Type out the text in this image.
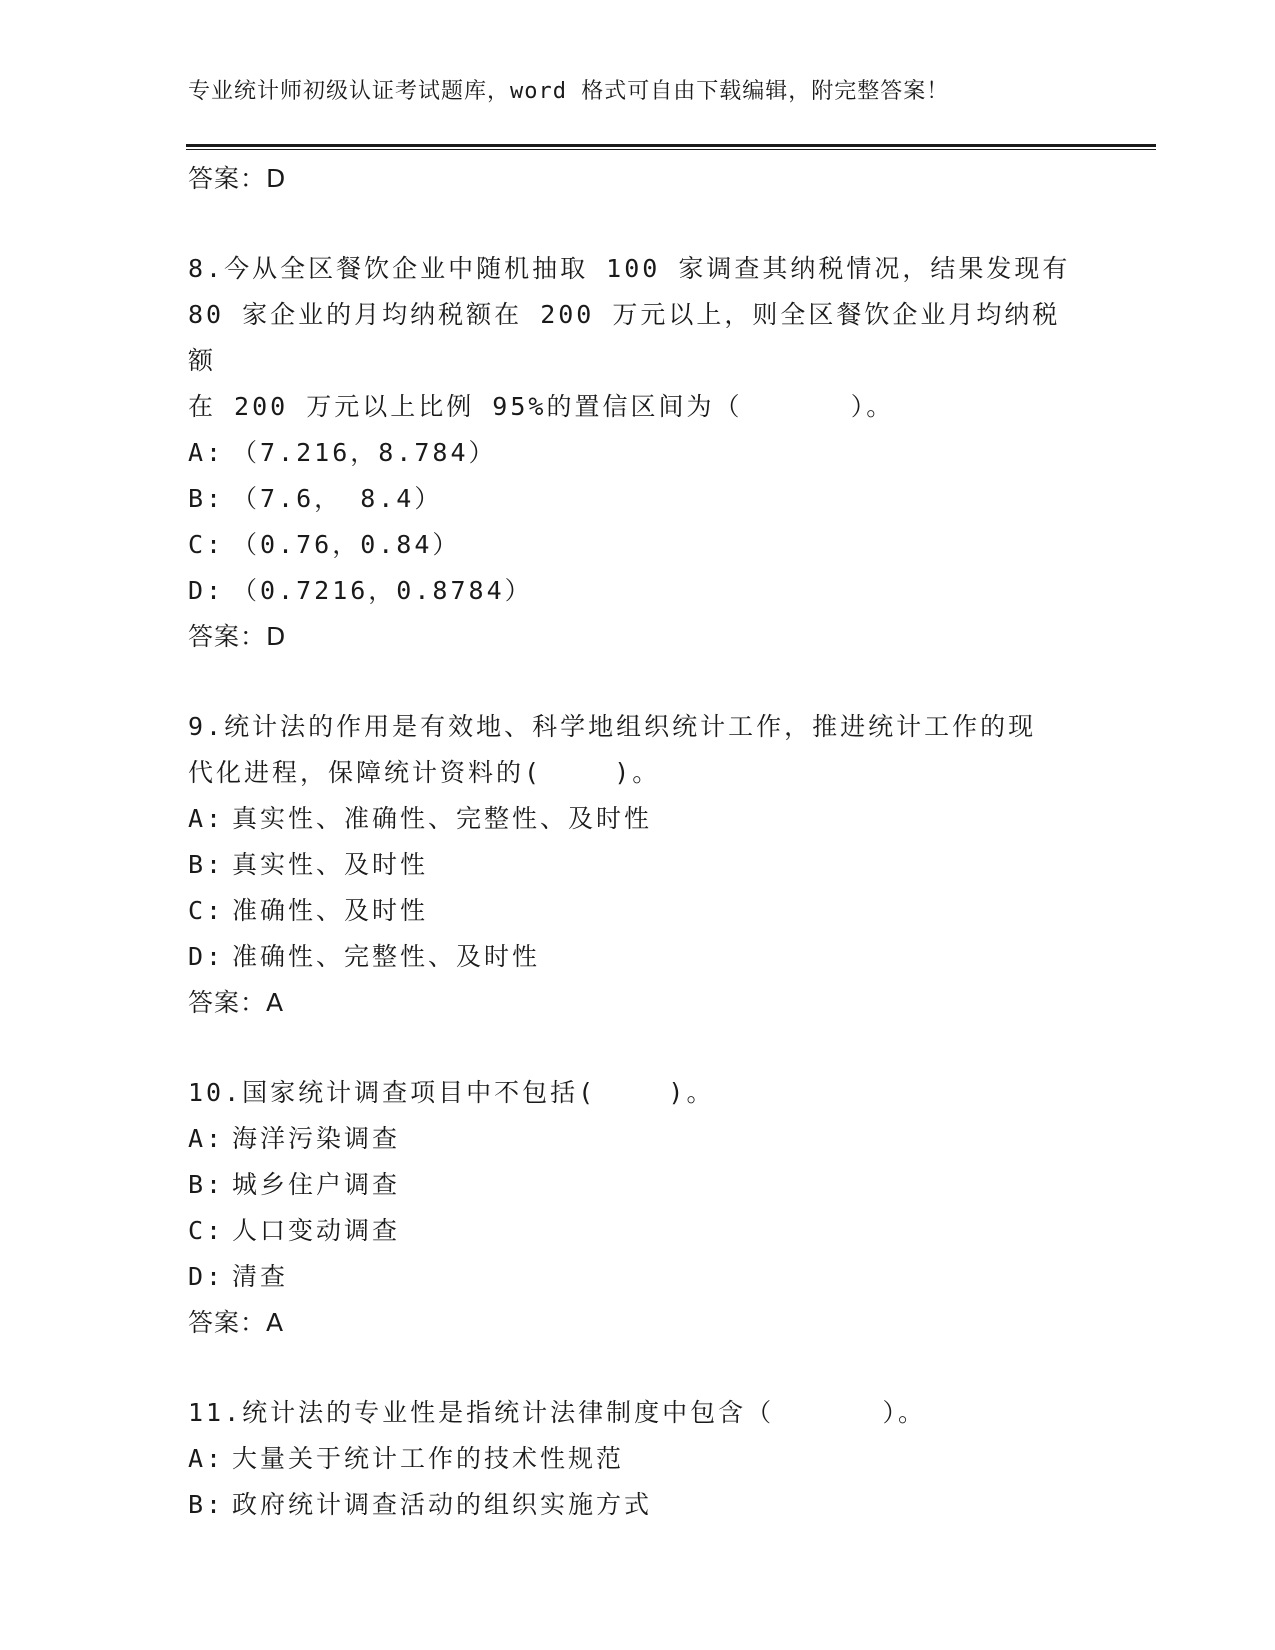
专业统计师初级认证考试题库，word 格式可自由下载编辑，附完整答案！
答案：D
8.今从全区餐饮企业中随机抽取 100 家调查其纳税情况，结果发现有
80 家企业的月均纳税额在 200 万元以上，则全区餐饮企业月均纳税额
在 200 万元以上比例 95%的置信区间为（      ）。
A: （7.216，8.784）
B: （7.6， 8.4）
C: （0.76，0.84）
D: （0.7216，0.8784）
答案：D
9.统计法的作用是有效地、科学地组织统计工作，推进统计工作的现
代化进程，保障统计资料的(    )。
A: 真实性、准确性、完整性、及时性
B: 真实性、及时性
C: 准确性、及时性
D: 准确性、完整性、及时性
答案：A
10.国家统计调查项目中不包括(    )。
A: 海洋污染调查
B: 城乡住户调查
C: 人口变动调查
D: 清查
答案：A
11.统计法的专业性是指统计法律制度中包含（      ）。
A: 大量关于统计工作的技术性规范
B: 政府统计调查活动的组织实施方式
